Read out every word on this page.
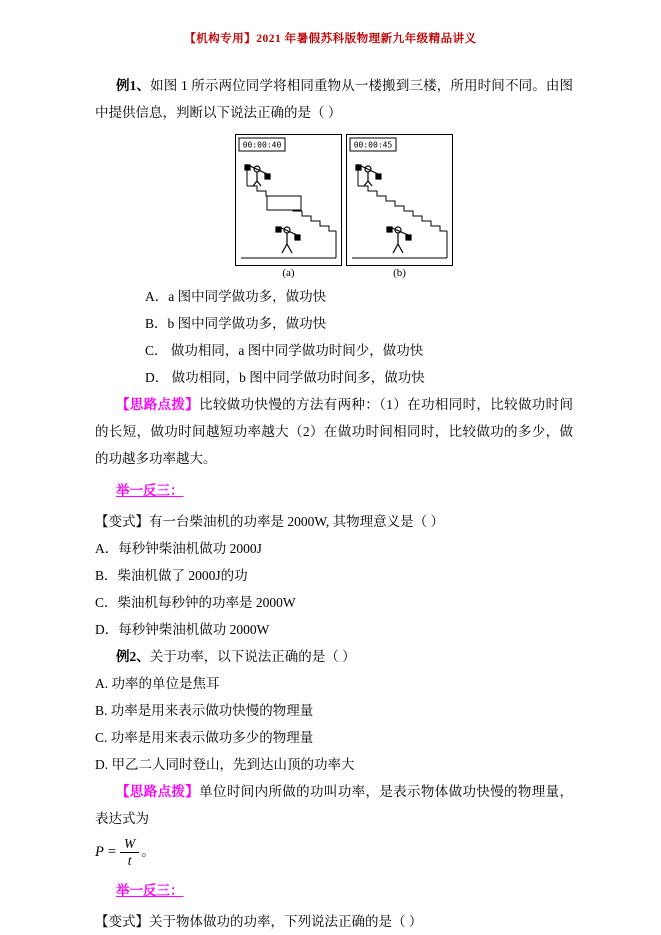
【机构专用】2021 年暑假苏科版物理新九年级精品讲义

例1、如图 1 所示两位同学将相同重物从一楼搬到三楼，所用时间不同。由图中提供信息，判断以下说法正确的是（ ）

00:00:40	00:00:45
(a)	(b)

A．a 图中同学做功多，做功快

B．b 图中同学做功多，做功快

C． 做功相同，a 图中同学做功时间少，做功快

D． 做功相同，b 图中同学做功时间多，做功快

【思路点拨】比较做功快慢的方法有两种：（1）在功相同时，比较做功时间的长短，做功时间越短功率越大（2）在做功时间相同时，比较做功的多少，做的功越多功率越大。

举一反三：

【变式】有一台柴油机的功率是 2000W, 其物理意义是（ ）

A．每秒钟柴油机做功 2000J

B．柴油机做了 2000J的功

C．柴油机每秒钟的功率是 2000W

D．每秒钟柴油机做功 2000W

例2、关于功率，以下说法正确的是（ ）

A. 功率的单位是焦耳

B. 功率是用来表示做功快慢的物理量

C. 功率是用来表示做功多少的物理量

D. 甲乙二人同时登山，先到达山顶的功率大

【思路点拨】单位时间内所做的功叫功率，是表示物体做功快慢的物理量，表达式为

$P = \frac{W}{t}$ 。

举一反三：

【变式】关于物体做功的功率，下列说法正确的是（ ）
